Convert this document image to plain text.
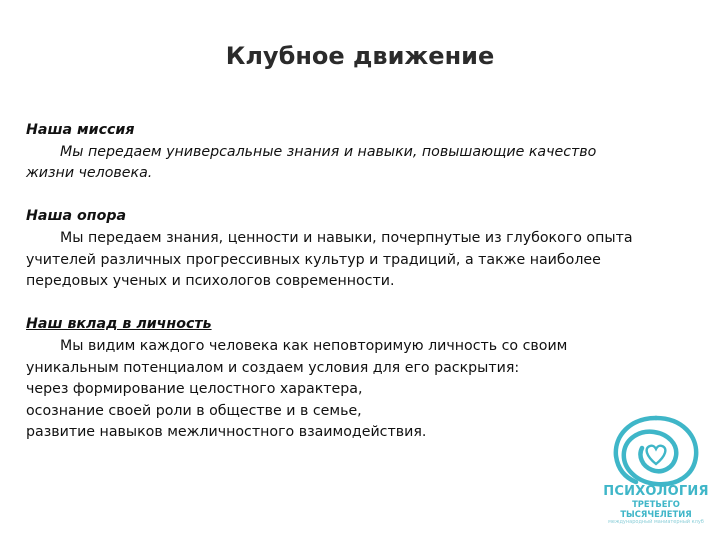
Клубное движение
Наша миссия
Мы передаем универсальные знания и навыки, повышающие качество
жизни человека.
Наша опора
Мы передаем знания, ценности и навыки, почерпнутые из глубокого опыта
учителей различных прогрессивных культур и традиций, а также наиболее
передовых ученых и психологов современности.
Наш вклад в личность
Мы видим каждого человека как неповторимую личность со своим
уникальным потенциалом и создаем условия для его раскрытия:
через формирование целостного характера,
осознание своей роли в обществе и в семье,
развитие навыков межличностного взаимодействия.
ПСИХОЛОГИЯ
ТРЕТЬЕГО ТЫСЯЧЕЛЕТИЯ
международный маниатерный клуб
